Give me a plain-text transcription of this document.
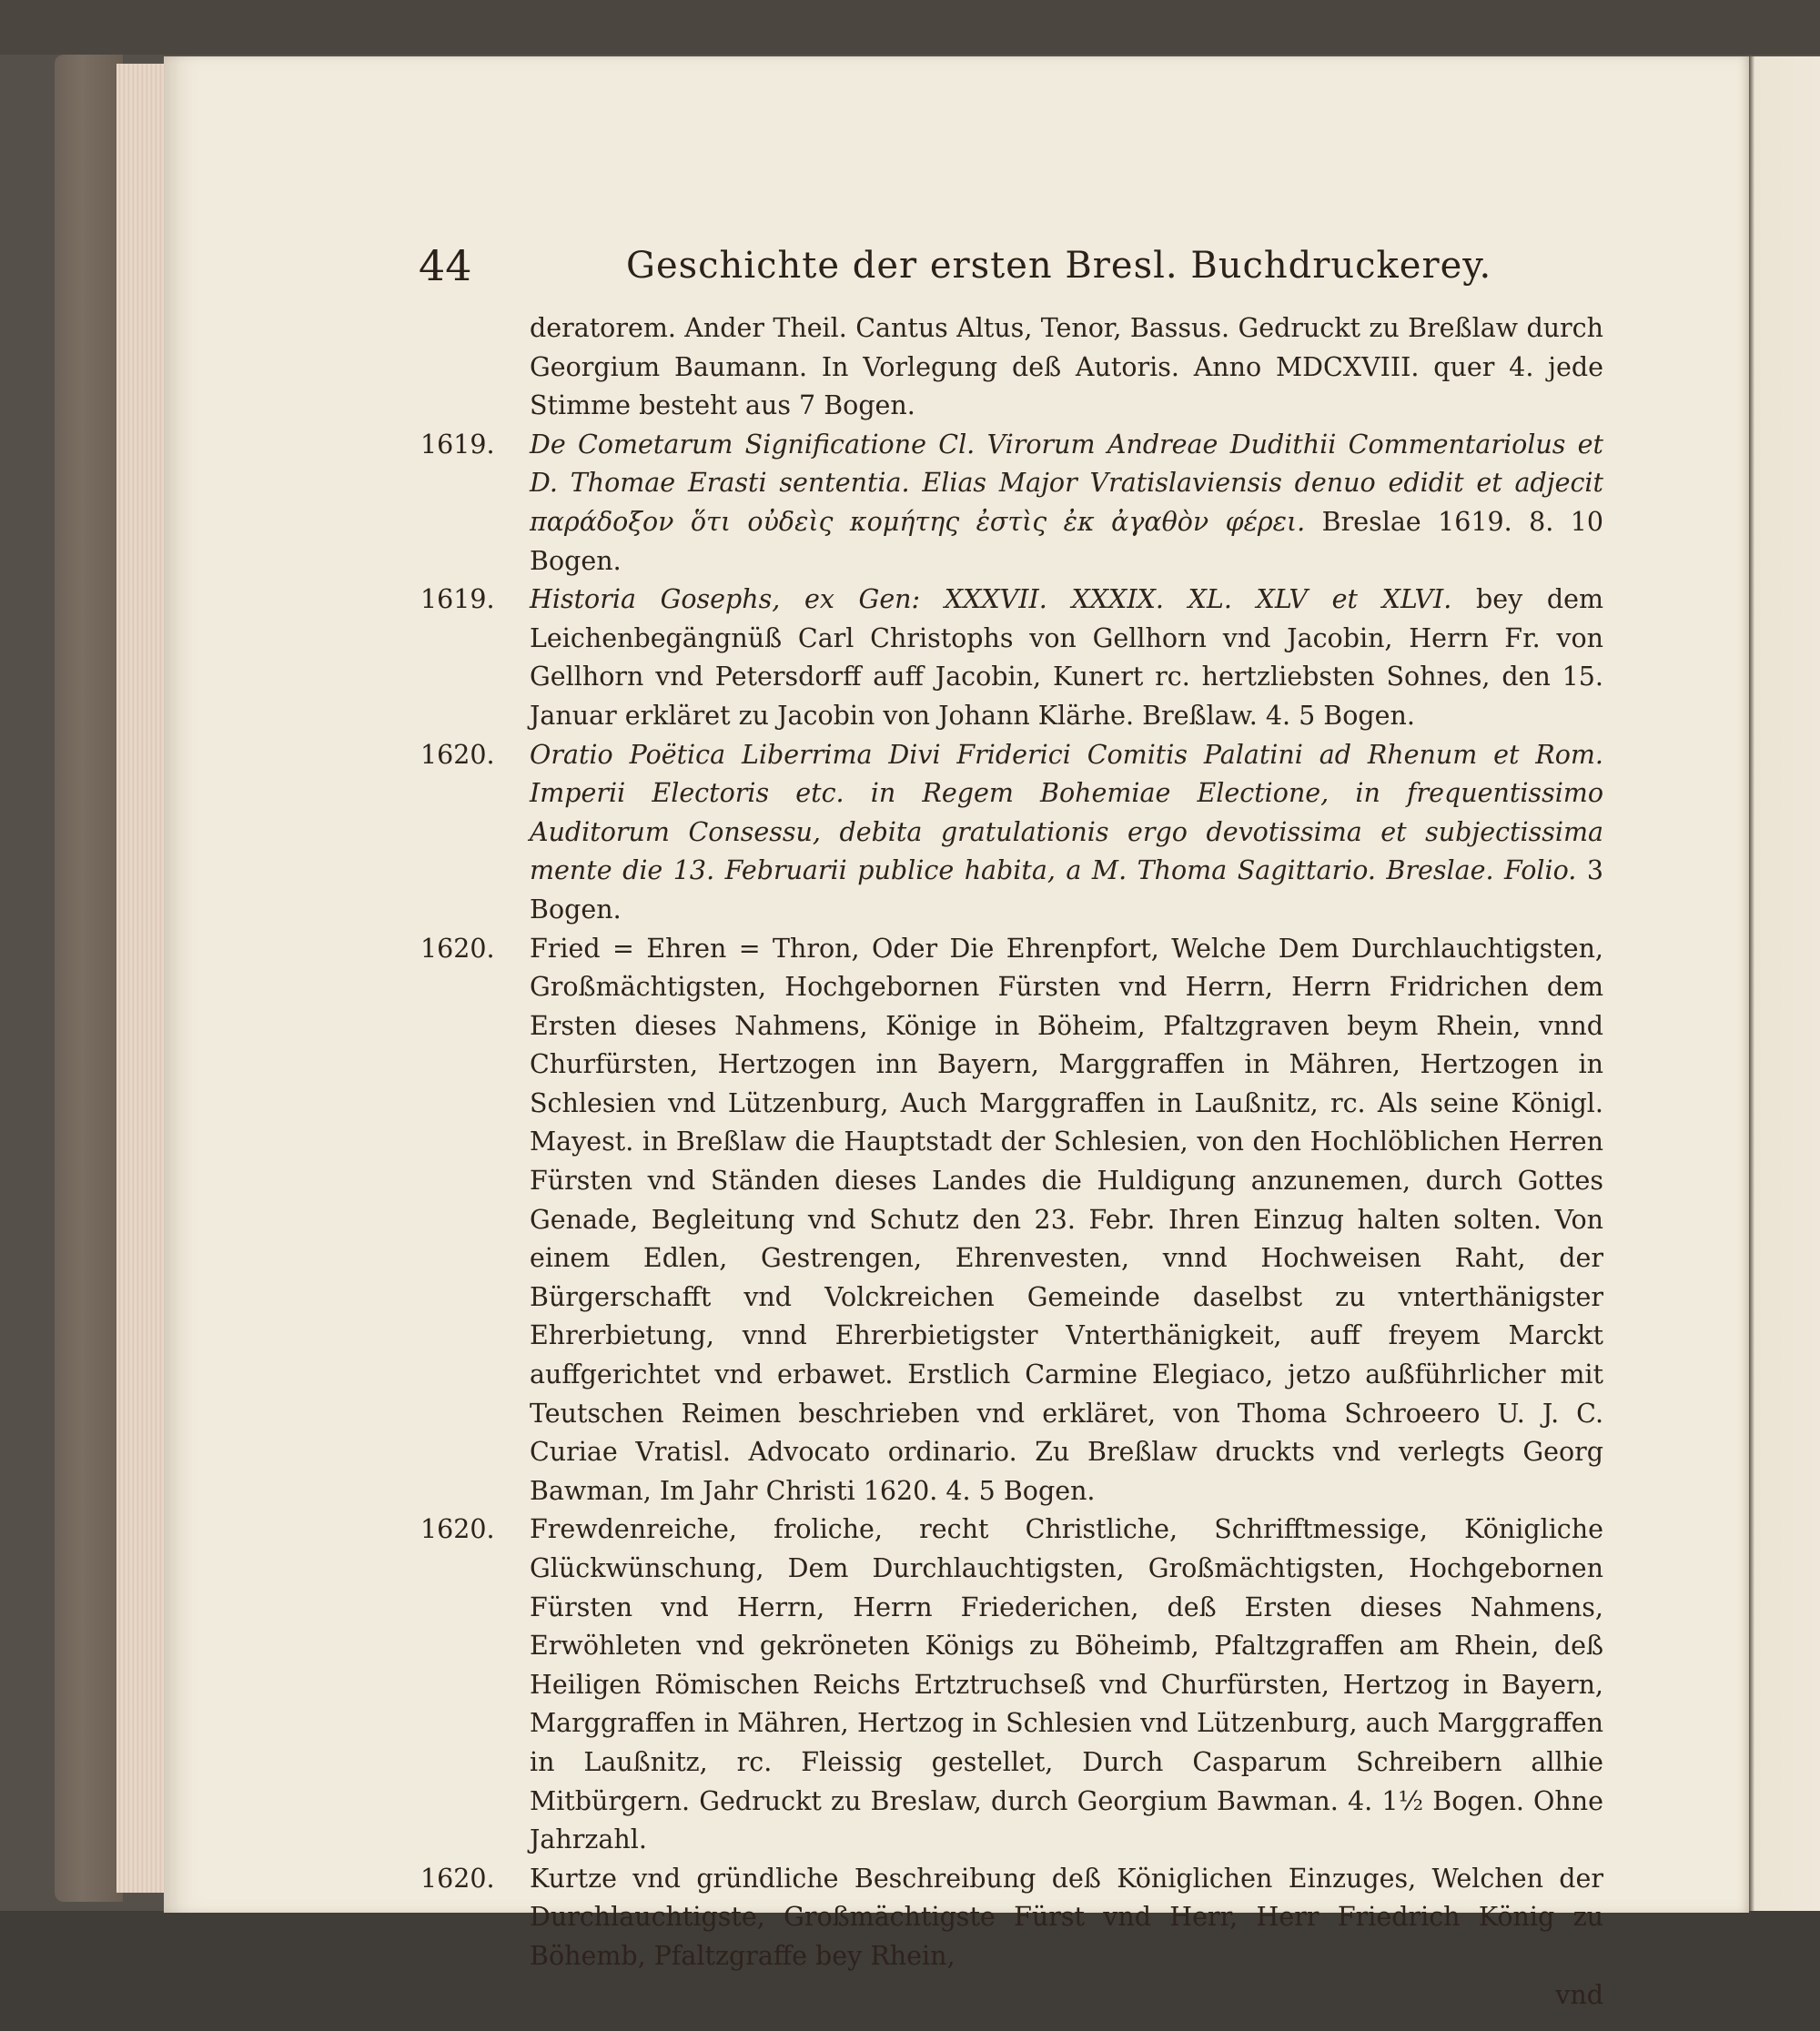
44	Geschichte der ersten Bresl. Buchdruckerey.
deratorem. Ander Theil. Cantus Altus, Tenor, Bassus. Gedruckt zu Breßlaw durch Georgium Baumann. In Vorlegung deß Autoris. Anno MDCXVIII. quer 4. jede Stimme besteht aus 7 Bogen.
1619.	De Cometarum Significatione Cl. Virorum Andreae Dudithii Commentariolus et D. Thomae Erasti sententia. Elias Major Vratislaviensis denuo edidit et adjecit παράδοξον ὅτι οὐδεὶς κομήτης ἐστὶς ἐκ ἀγαθὸν φέρει. Breslae 1619. 8. 10 Bogen.
1619.	Historia Gosephs, ex Gen: XXXVII. XXXIX. XL. XLV et XLVI. bey dem Leichenbegängnüß Carl Christophs von Gellhorn vnd Jacobin, Herrn Fr. von Gellhorn vnd Petersdorff auff Jacobin, Kunert rc. hertzliebsten Sohnes, den 15. Januar erkläret zu Jacobin von Johann Klärhe. Breßlaw. 4. 5 Bogen.
1620.	Oratio Poëtica Liberrima Divi Friderici Comitis Palatini ad Rhenum et Rom. Imperii Electoris etc. in Regem Bohemiae Electione, in frequentissimo Auditorum Consessu, debita gratulationis ergo devotissima et subjectissima mente die 13. Februarii publice habita, a M. Thoma Sagittario. Breslae. Folio. 3 Bogen.
1620.	Fried = Ehren = Thron, Oder Die Ehrenpfort, Welche Dem Durchlauchtigsten, Großmächtigsten, Hochgebornen Fürsten vnd Herrn, Herrn Fridrichen dem Ersten dieses Nahmens, Könige in Böheim, Pfaltzgraven beym Rhein, vnnd Churfürsten, Hertzogen inn Bayern, Marggraffen in Mähren, Hertzogen in Schlesien vnd Lützenburg, Auch Marggraffen in Laußnitz, rc. Als seine Königl. Mayest. in Breßlaw die Hauptstadt der Schlesien, von den Hochlöblichen Herren Fürsten vnd Ständen dieses Landes die Huldigung anzunemen, durch Gottes Genade, Begleitung vnd Schutz den 23. Febr. Ihren Einzug halten solten. Von einem Edlen, Gestrengen, Ehrenvesten, vnnd Hochweisen Raht, der Bürgerschafft vnd Volckreichen Gemeinde daselbst zu vnterthänigster Ehrerbietung, vnnd Ehrerbietigster Vnterthänigkeit, auff freyem Marckt auffgerichtet vnd erbawet. Erstlich Carmine Elegiaco, jetzo außführlicher mit Teutschen Reimen beschrieben vnd erkläret, von Thoma Schroeero U. J. C. Curiae Vratisl. Advocato ordinario. Zu Breßlaw druckts vnd verlegts Georg Bawman, Im Jahr Christi 1620. 4. 5 Bogen.
1620.	Frewdenreiche, froliche, recht Christliche, Schrifftmessige, Königliche Glückwünschung, Dem Durchlauchtigsten, Großmächtigsten, Hochgebornen Fürsten vnd Herrn, Herrn Friederichen, deß Ersten dieses Nahmens, Erwöhleten vnd gekröneten Königs zu Böheimb, Pfaltzgraffen am Rhein, deß Heiligen Römischen Reichs Ertztruchseß vnd Churfürsten, Hertzog in Bayern, Marggraffen in Mähren, Hertzog in Schlesien vnd Lützenburg, auch Marggraffen in Laußnitz, rc. Fleissig gestellet, Durch Casparum Schreibern allhie Mitbürgern. Gedruckt zu Breslaw, durch Georgium Bawman. 4. 1½ Bogen. Ohne Jahrzahl.
1620.	Kurtze vnd gründliche Beschreibung deß Königlichen Einzuges, Welchen der Durchlauchtigste, Großmächtigste Fürst vnd Herr, Herr Friedrich König zu Böhemb, Pfaltzgraffe bey Rhein,
vnd
